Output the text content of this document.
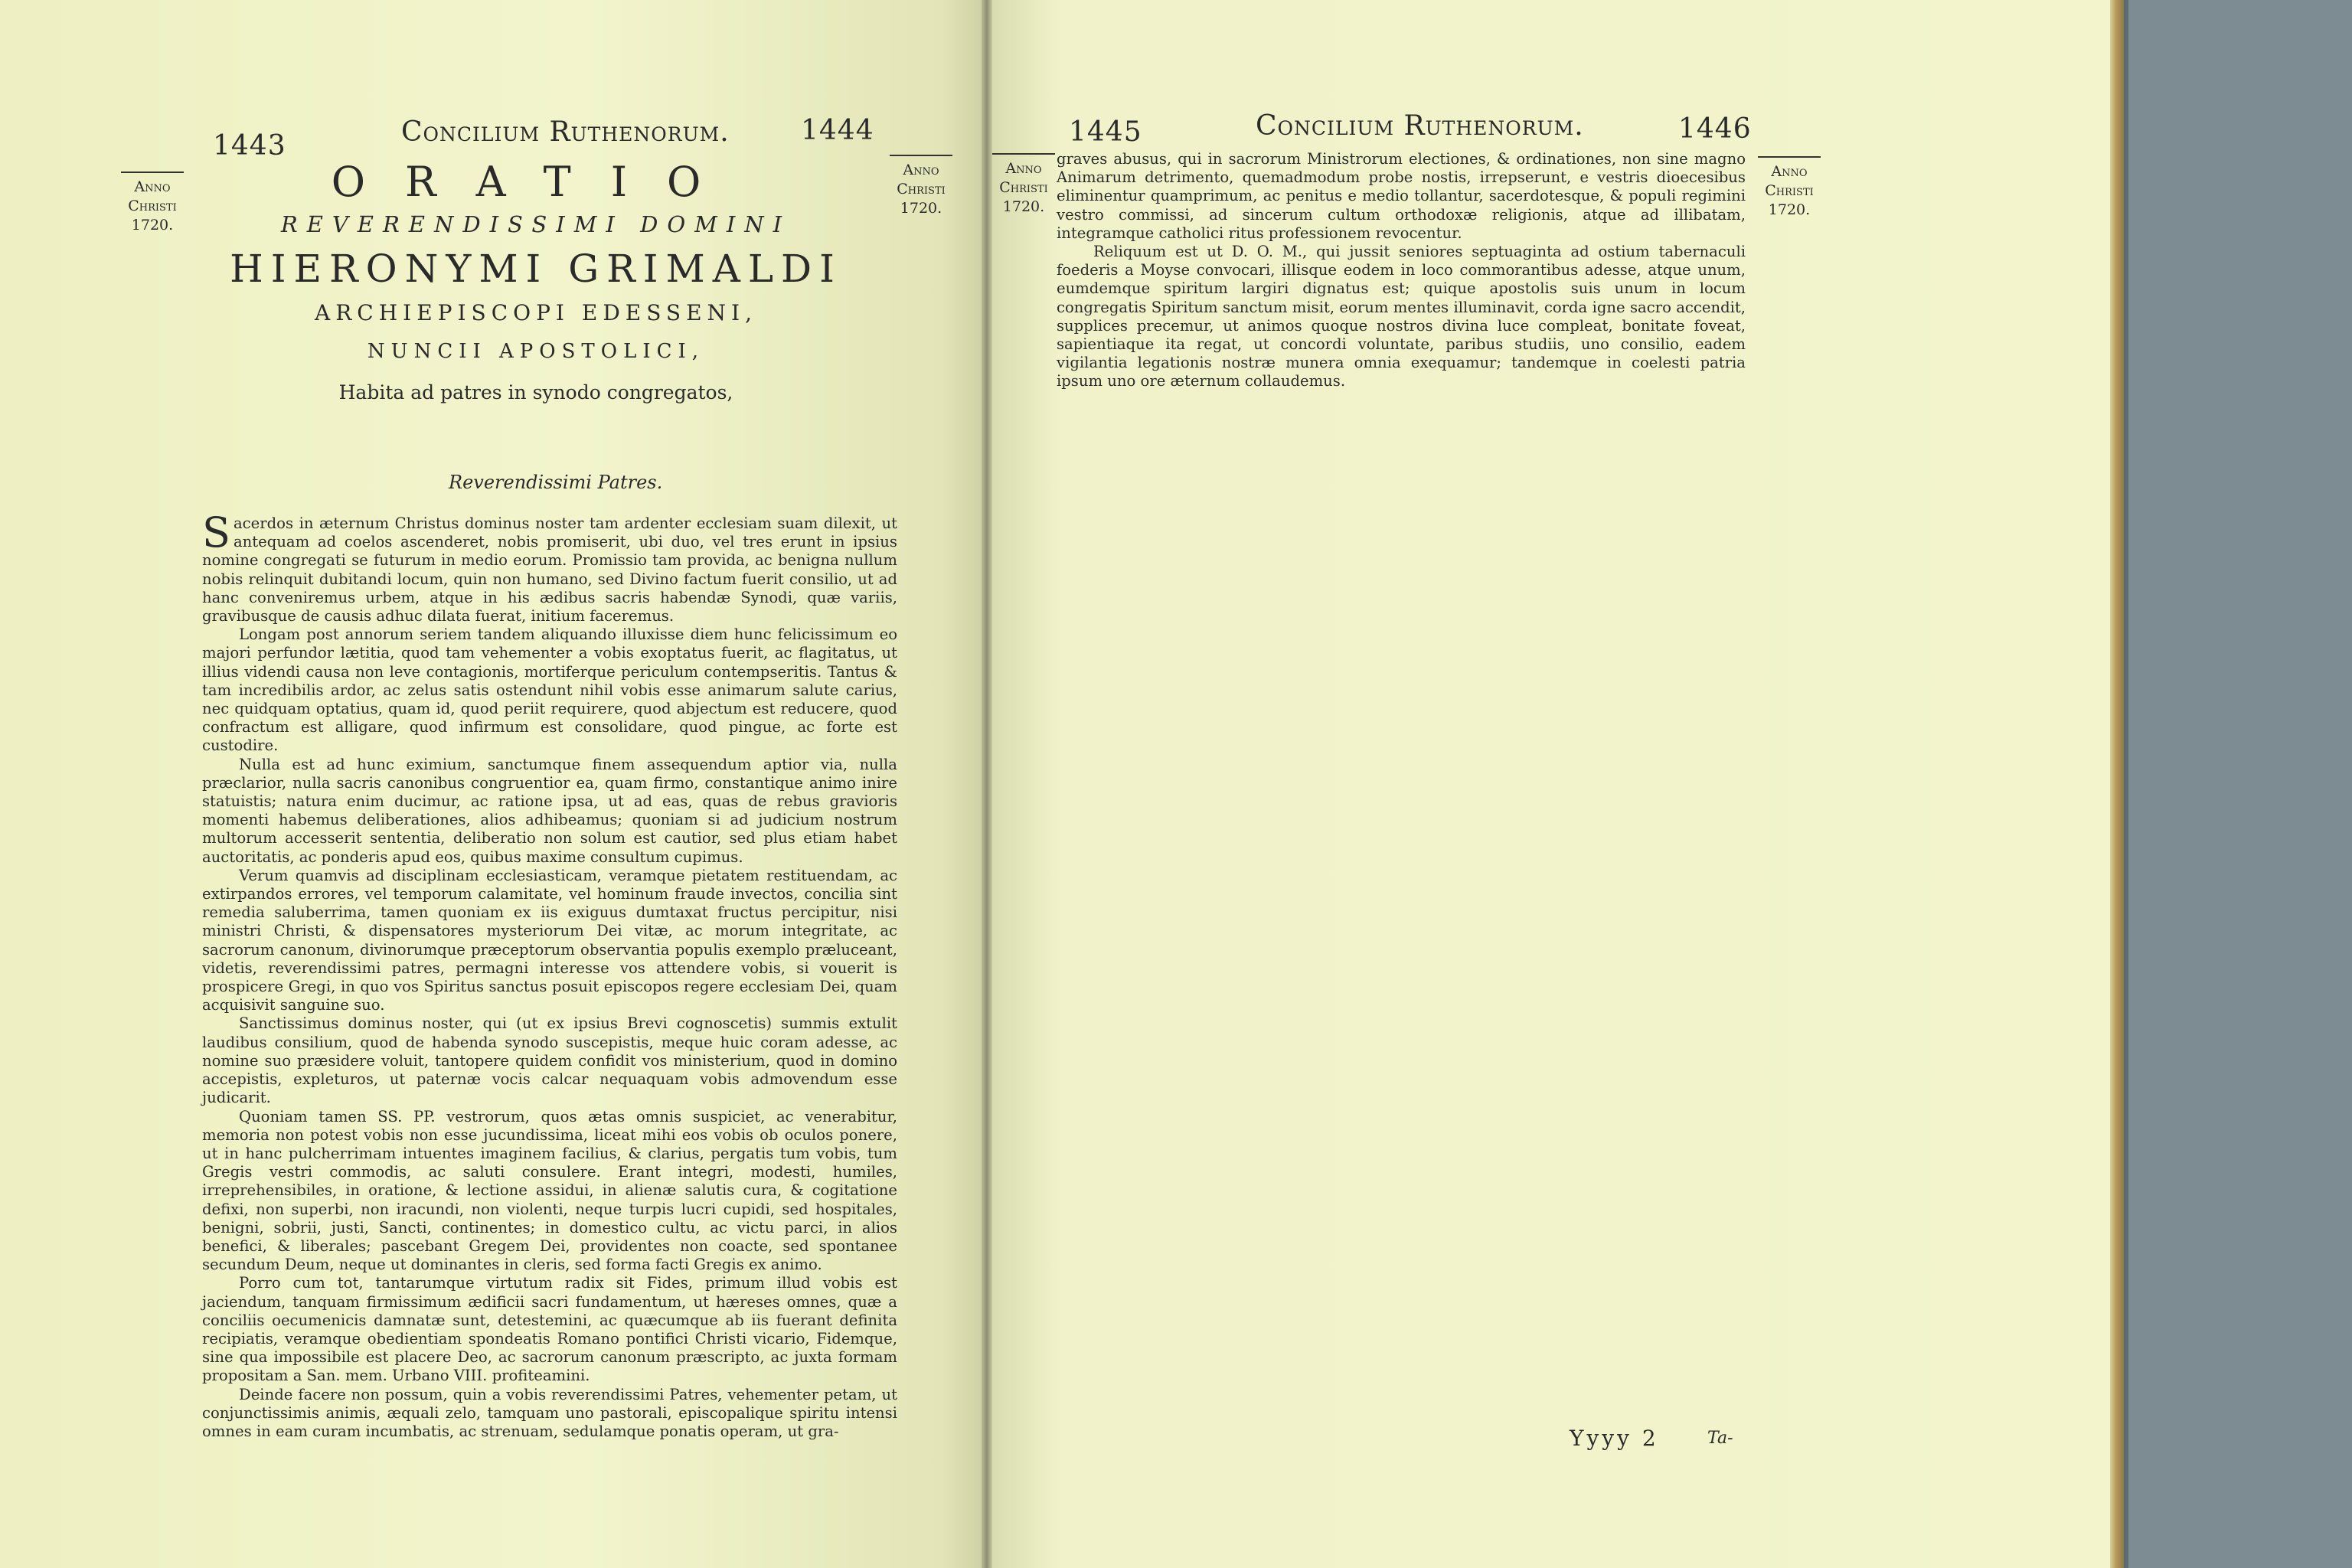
1443	Concilium Ruthenorum.	1444
Anno
Christi
1720.
Anno
Christi
1720.
ORATIO
REVERENDISSIMI DOMINI
HIERONYMI GRIMALDI
ARCHIEPISCOPI EDESSENI,
NUNCII APOSTOLICI,
Habita ad patres in synodo congregatos,
Reverendissimi Patres.

Sacerdos in æternum Christus dominus noster tam ardenter ecclesiam suam dilexit, ut antequam ad coelos ascenderet, nobis promiserit, ubi duo, vel tres erunt in ipsius nomine congregati se futurum in medio eorum. Promissio tam provida, ac benigna nullum nobis relinquit dubitandi locum, quin non humano, sed Divino factum fuerit consilio, ut ad hanc conveniremus urbem, atque in his ædibus sacris habendæ Synodi, quæ variis, gravibusque de causis adhuc dilata fuerat, initium faceremus.

Longam post annorum seriem tandem aliquando illuxisse diem hunc felicissimum eo majori perfundor lætitia, quod tam vehementer a vobis exoptatus fuerit, ac flagitatus, ut illius videndi causa non leve contagionis, mortiferque periculum contempseritis. Tantus & tam incredibilis ardor, ac zelus satis ostendunt nihil vobis esse animarum salute carius, nec quidquam optatius, quam id, quod periit requirere, quod abjectum est reducere, quod confractum est alligare, quod infirmum est consolidare, quod pingue, ac forte est custodire.

Nulla est ad hunc eximium, sanctumque finem assequendum aptior via, nulla præclarior, nulla sacris canonibus congruentior ea, quam firmo, constantique animo inire statuistis; natura enim ducimur, ac ratione ipsa, ut ad eas, quas de rebus gravioris momenti habemus deliberationes, alios adhibeamus; quoniam si ad judicium nostrum multorum accesserit sententia, deliberatio non solum est cautior, sed plus etiam habet auctoritatis, ac ponderis apud eos, quibus maxime consultum cupimus.

Verum quamvis ad disciplinam ecclesiasticam, veramque pietatem restituendam, ac extirpandos errores, vel temporum calamitate, vel hominum fraude invectos, concilia sint remedia saluberrima, tamen quoniam ex iis exiguus dumtaxat fructus percipitur, nisi ministri Christi, & dispensatores mysteriorum Dei vitæ, ac morum integritate, ac sacrorum canonum, divinorumque præceptorum observantia populis exemplo præluceant, videtis, reverendissimi patres, permagni interesse vos attendere vobis, si vouerit is prospicere Gregi, in quo vos Spiritus sanctus posuit episcopos regere ecclesiam Dei, quam acquisivit sanguine suo.

Sanctissimus dominus noster, qui (ut ex ipsius Brevi cognoscetis) summis extulit laudibus consilium, quod de habenda synodo suscepistis, meque huic coram adesse, ac nomine suo præsidere voluit, tantopere quidem confidit vos ministerium, quod in domino accepistis, expleturos, ut paternæ vocis calcar nequaquam vobis admovendum esse judicarit.

Quoniam tamen SS. PP. vestrorum, quos ætas omnis suspiciet, ac venerabitur, memoria non potest vobis non esse jucundissima, liceat mihi eos vobis ob oculos ponere, ut in hanc pulcherrimam intuentes imaginem facilius, & clarius, pergatis tum vobis, tum Gregis vestri commodis, ac saluti consulere. Erant integri, modesti, humiles, irreprehensibiles, in oratione, & lectione assidui, in alienæ salutis cura, & cogitatione defixi, non superbi, non iracundi, non violenti, neque turpis lucri cupidi, sed hospitales, benigni, sobrii, justi, Sancti, continentes; in domestico cultu, ac victu parci, in alios benefici, & liberales; pascebant Gregem Dei, providentes non coacte, sed spontanee secundum Deum, neque ut dominantes in cleris, sed forma facti Gregis ex animo.

Porro cum tot, tantarumque virtutum radix sit Fides, primum illud vobis est jaciendum, tanquam firmissimum ædificii sacri fundamentum, ut hæreses omnes, quæ a conciliis oecumenicis damnatæ sunt, detestemini, ac quæcumque ab iis fuerant definita recipiatis, veramque obedientiam spondeatis Romano pontifici Christi vicario, Fidemque, sine qua impossibile est placere Deo, ac sacrorum canonum præscripto, ac juxta formam propositam a San. mem. Urbano VIII. profiteamini.

Deinde facere non possum, quin a vobis reverendissimi Patres, vehementer petam, ut conjunctissimis animis, æquali zelo, tamquam uno pastorali, episcopalique spiritu intensi omnes in eam curam incumbatis, ac strenuam, sedulamque ponatis operam, ut gra-

1445	Concilium Ruthenorum.	1446
Anno
Christi
1720.
Anno
Christi
1720.

graves abusus, qui in sacrorum Ministrorum electiones, & ordinationes, non sine magno Animarum detrimento, quemadmodum probe nostis, irrepserunt, e vestris dioecesibus eliminentur quamprimum, ac penitus e medio tollantur, sacerdotesque, & populi regimini vestro commissi, ad sincerum cultum orthodoxæ religionis, atque ad illibatam, integramque catholici ritus professionem revocentur.

Reliquum est ut D. O. M., qui jussit seniores septuaginta ad ostium tabernaculi foederis a Moyse convocari, illisque eodem in loco commorantibus adesse, atque unum, eumdemque spiritum largiri dignatus est; quique apostolis suis unum in locum congregatis Spiritum sanctum misit, eorum mentes illuminavit, corda igne sacro accendit, supplices precemur, ut animos quoque nostros divina luce compleat, bonitate foveat, sapientiaque ita regat, ut concordi voluntate, paribus studiis, uno consilio, eadem vigilantia legationis nostræ munera omnia exequamur; tandemque in coelesti patria ipsum uno ore æternum collaudemus.

Yyyy 2	Ta-
